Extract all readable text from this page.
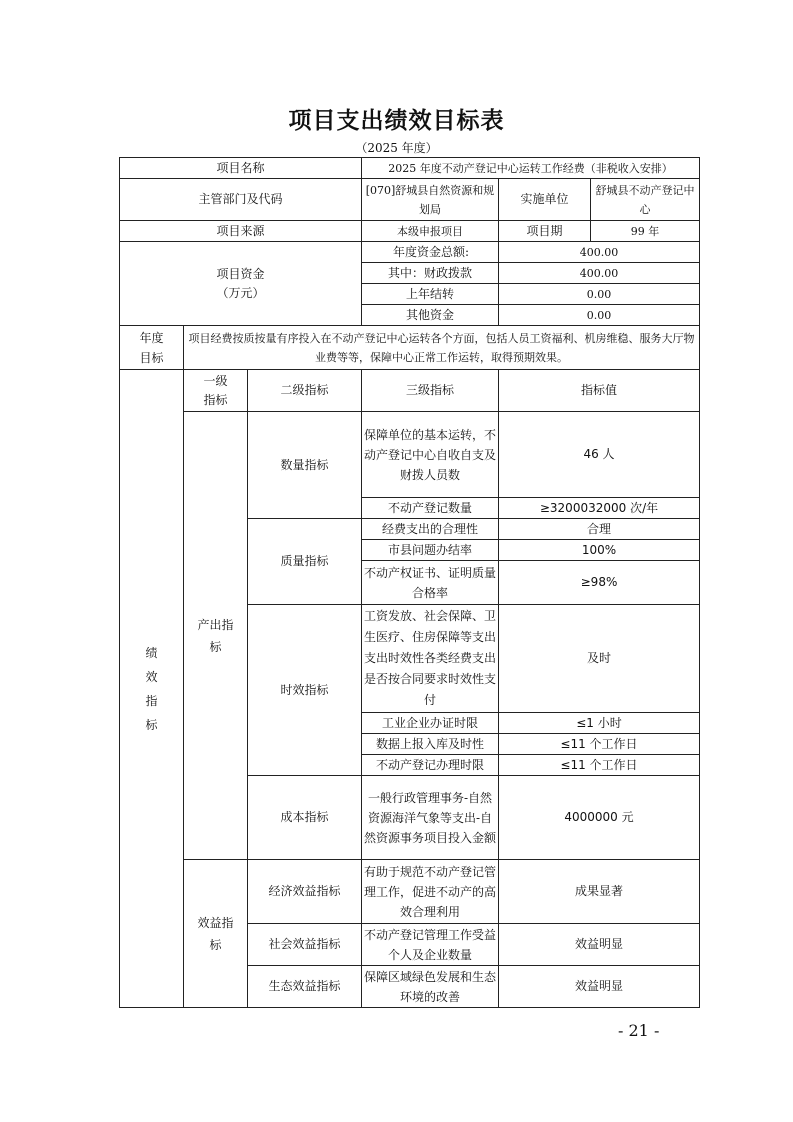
项目支出绩效目标表
（2025 年度）
项目名称			2025 年度不动产登记中心运转工作经费（非税收入安排）		
主管部门及代码			[070]舒城县自然资源和规划局	实施单位	舒城县不动产登记中心
项目来源			本级申报项目	项目期	99 年

项目资金
（万元）			年度资金总额:	400.00	
			其中：财政拨款	400.00	
			上年结转	0.00	
			其他资金	0.00	

年度目标	项目经费按质按量有序投入在不动产登记中心运转各个方面，包括人员工资福利、机房维稳、服务大厅物业费等等，保障中心正常工作运转，取得预期效果。				

绩效指标	一级指标	二级指标	三级指标	指标值	

	产出指标	数量指标	保障单位的基本运转，不动产登记中心自收自支及财拨人员数	46 人	
			不动产登记数量	≥3200032000 次/年	
		质量指标	经费支出的合理性	合理	
			市县问题办结率	100%	
			不动产权证书、证明质量合格率	≥98%	
		时效指标	工资发放、社会保障、卫生医疗、住房保障等支出支出时效性各类经费支出是否按合同要求时效性支付	及时	
			工业企业办证时限	≤1 小时	
			数据上报入库及时性	≤11 个工作日	
			不动产登记办理时限	≤11 个工作日	
		成本指标	一般行政管理事务-自然资源海洋气象等支出-自然资源事务项目投入金额	4000000 元	

	效益指标	经济效益指标	有助于规范不动产登记管理工作，促进不动产的高效合理利用	成果显著	
		社会效益指标	不动产登记管理工作受益个人及企业数量	效益明显	
		生态效益指标	保障区域绿色发展和生态环境的改善	效益明显	
- 21 -
